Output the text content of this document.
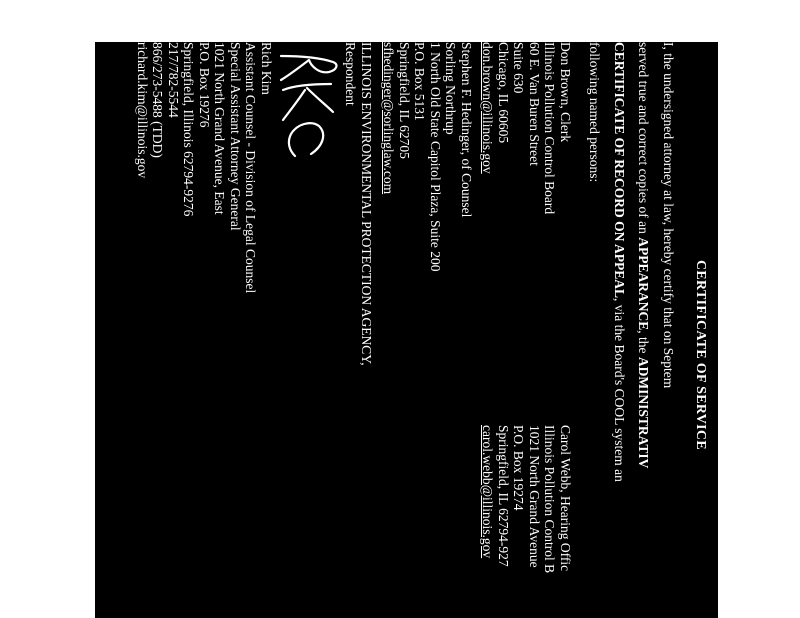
CERTIFICATE OF SERVICE
I, the undersigned attorney at law, hereby certify that on Septem
served true and correct copies of an APPEARANCE, the ADMINISTRATIV
CERTIFICATE OF RECORD ON APPEAL, via the Board's COOL system an
following named persons:
Don Brown, Clerk
Illinois Pollution Control Board
60 E. Van Buren Street
Suite 630
Chicago, IL 60605
don.brown@illinois.gov
Carol Webb, Hearing Offic
Illinois Pollution Control B
1021 North Grand Avenue
P.O. Box 19274
Springfield, IL 62794-927
carol.webb@illinois.gov
Stephen F. Hedinger, of Counsel
Sorling Northrup
1 North Old State Capitol Plaza, Suite 200
P.O. Box 5131
Springfield, IL 62705
sfhedinger@sorlinglaw.com
ILLINOIS ENVIRONMENTAL PROTECTION AGENCY,
Respondent
Rich Kim
Assistant Counsel - Division of Legal Counsel
Special Assistant Attorney General
1021 North Grand Avenue, East
P.O. Box 19276
Springfield, Illinois 62794-9276
217/782-5544
866/273-5488 (TDD)
richard.kim@illinois.gov
